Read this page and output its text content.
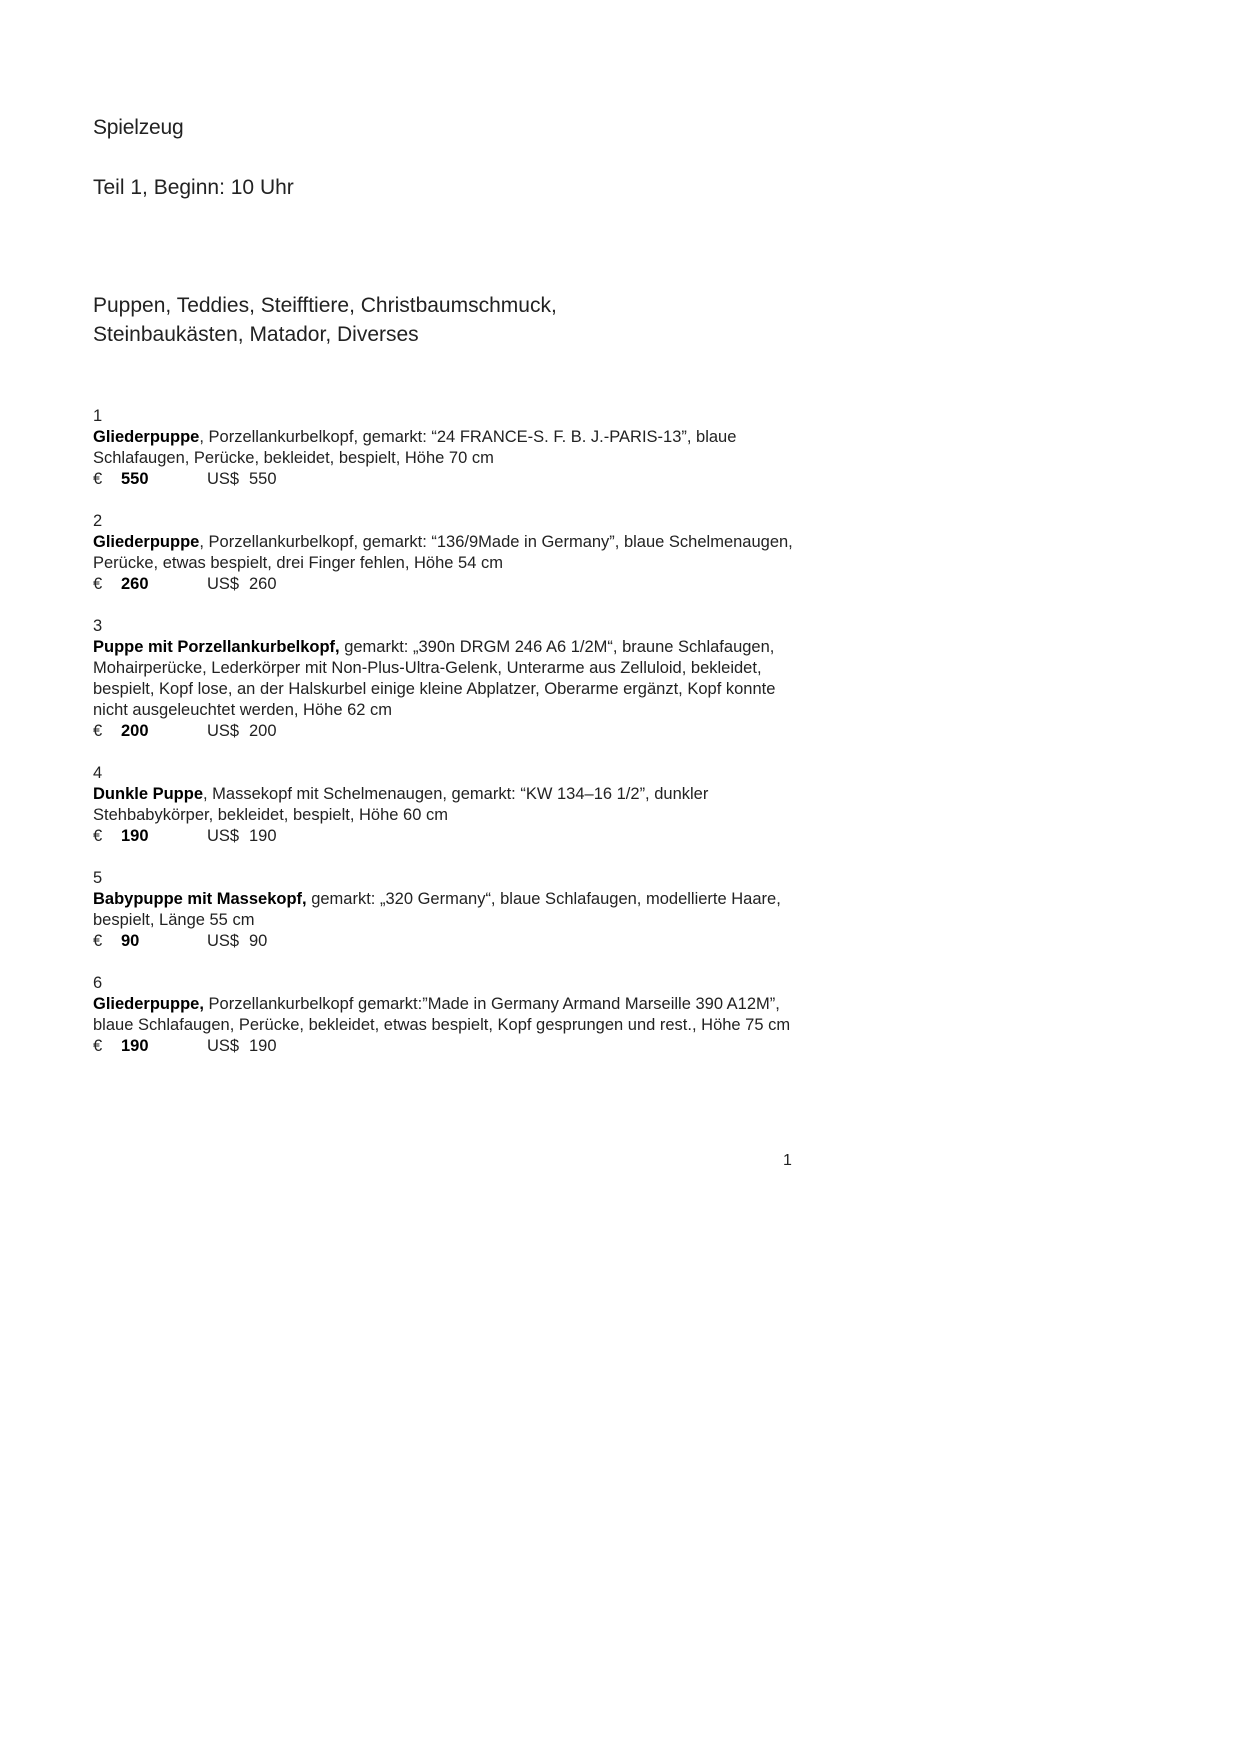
Spielzeug
Teil 1, Beginn: 10 Uhr
Puppen, Teddies, Steifftiere, Christbaumschmuck,
Steinbaukästen, Matador, Diverses
1
Gliederpuppe, Porzellankurbelkopf, gemarkt: “24 FRANCE-S. F. B. J.-PARIS-13”, blaue Schlafaugen, Perücke, bekleidet, bespielt, Höhe 70 cm
€	550	US$ 550
2
Gliederpuppe, Porzellankurbelkopf, gemarkt: “136/9Made in Germany”, blaue Schelmenaugen, Perücke, etwas bespielt, drei Finger fehlen, Höhe 54 cm
€	260	US$ 260
3
Puppe mit Porzellankurbelkopf, gemarkt: „390n DRGM 246 A6 1/2M“, braune Schlafaugen, Mohairperücke, Lederkörper mit Non-Plus-Ultra-Gelenk, Unterarme aus Zelluloid, bekleidet, bespielt, Kopf lose, an der Halskurbel einige kleine Abplatzer, Oberarme ergänzt, Kopf konnte nicht ausgeleuchtet werden, Höhe 62 cm
€	200	US$ 200
4
Dunkle Puppe, Massekopf mit Schelmenaugen, gemarkt: “KW 134–16 1/2”, dunkler Stehbabykörper, bekleidet, bespielt, Höhe 60 cm
€	190	US$ 190
5
Babypuppe mit Massekopf, gemarkt: „320 Germany“, blaue Schlafaugen, modellierte Haare, bespielt, Länge 55 cm
€	90	US$ 90
6
Gliederpuppe, Porzellankurbelkopf gemarkt:”Made in Germany Armand Marseille 390 A12M”, blaue Schlafaugen, Perücke, bekleidet, etwas bespielt, Kopf gesprungen und rest., Höhe 75 cm
€	190	US$ 190
1
